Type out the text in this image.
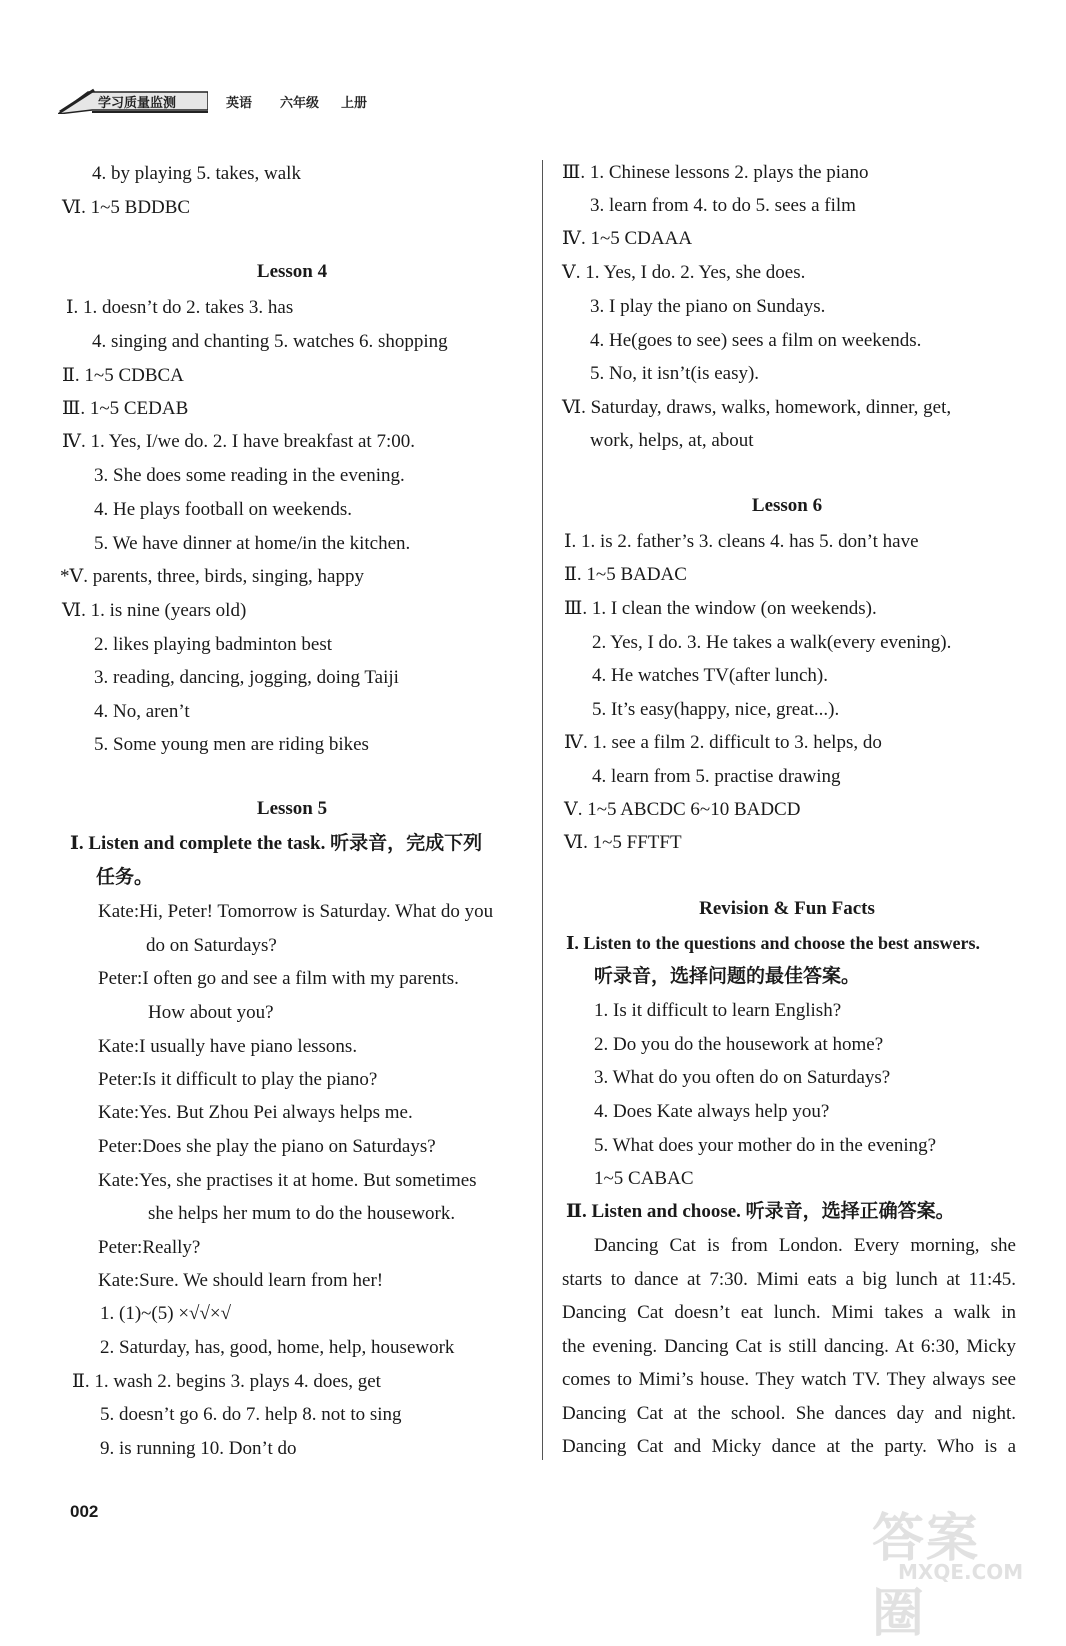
学习质量监测	英语 六年级 上册
4. by playing 5. takes, walk
Ⅵ. 1~5 BDDBC
Lesson 4
Ⅰ. 1. doesn’t do 2. takes 3. has
4. singing and chanting 5. watches 6. shopping
Ⅱ. 1~5 CDBCA
Ⅲ. 1~5 CEDAB
Ⅳ. 1. Yes, I/we do. 2. I have breakfast at 7:00.
3. She does some reading in the evening.
4. He plays football on weekends.
5. We have dinner at home/in the kitchen.
*Ⅴ. parents, three, birds, singing, happy
Ⅵ. 1. is nine (years old)
2. likes playing badminton best
3. reading, dancing, jogging, doing Taiji
4. No, aren’t
5. Some young men are riding bikes
Lesson 5
Ⅰ. Listen and complete the task. 听录音，完成下列
任务。
Kate:Hi, Peter! Tomorrow is Saturday. What do you
do on Saturdays?
Peter:I often go and see a film with my parents.
How about you?
Kate:I usually have piano lessons.
Peter:Is it difficult to play the piano?
Kate:Yes. But Zhou Pei always helps me.
Peter:Does she play the piano on Saturdays?
Kate:Yes, she practises it at home. But sometimes
she helps her mum to do the housework.
Peter:Really?
Kate:Sure. We should learn from her!
1. (1)~(5) ×√√×√
2. Saturday, has, good, home, help, housework
Ⅱ. 1. wash 2. begins 3. plays 4. does, get
5. doesn’t go 6. do 7. help 8. not to sing
9. is running 10. Don’t do
Ⅲ. 1. Chinese lessons 2. plays the piano
3. learn from 4. to do 5. sees a film
Ⅳ. 1~5 CDAAA
Ⅴ. 1. Yes, I do. 2. Yes, she does.
3. I play the piano on Sundays.
4. He(goes to see) sees a film on weekends.
5. No, it isn’t(is easy).
Ⅵ. Saturday, draws, walks, homework, dinner, get,
work, helps, at, about
Lesson 6
Ⅰ. 1. is 2. father’s 3. cleans 4. has 5. don’t have
Ⅱ. 1~5 BADAC
Ⅲ. 1. I clean the window (on weekends).
2. Yes, I do. 3. He takes a walk(every evening).
4. He watches TV(after lunch).
5. It’s easy(happy, nice, great...).
Ⅳ. 1. see a film 2. difficult to 3. helps, do
4. learn from 5. practise drawing
Ⅴ. 1~5 ABCDC 6~10 BADCD
Ⅵ. 1~5 FFTFT
Revision & Fun Facts
Ⅰ. Listen to the questions and choose the best answers.
听录音，选择问题的最佳答案。
1. Is it difficult to learn English?
2. Do you do the housework at home?
3. What do you often do on Saturdays?
4. Does Kate always help you?
5. What does your mother do in the evening?
1~5 CABAC
Ⅱ. Listen and choose. 听录音，选择正确答案。
Dancing Cat is from London. Every morning, she
starts to dance at 7:30. Mimi eats a big lunch at 11:45.
Dancing Cat doesn’t eat lunch. Mimi takes a walk in
the evening. Dancing Cat is still dancing. At 6:30, Micky
comes to Mimi’s house. They watch TV. They always see
Dancing Cat at the school. She dances day and night.
Dancing Cat and Micky dance at the party. Who is a
002	答案圈
MXQE.COM
